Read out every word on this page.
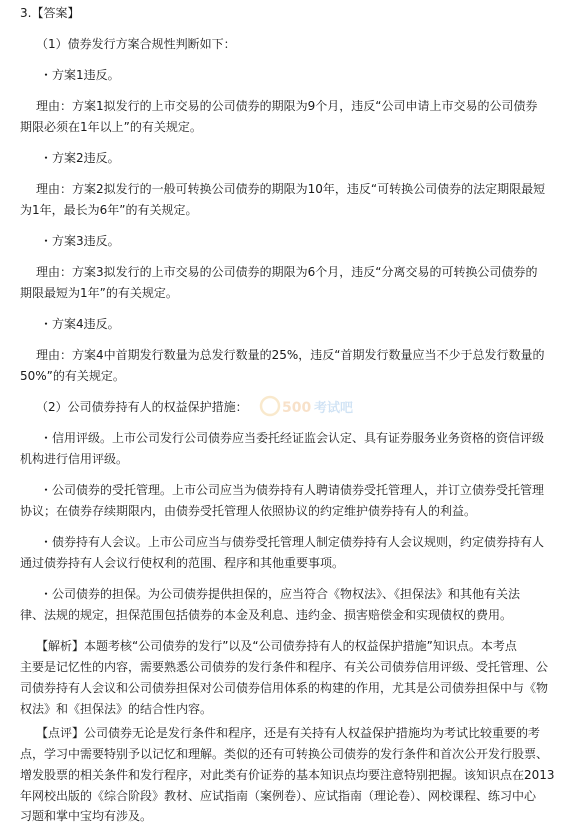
3.【答案】
（1）债券发行方案合规性判断如下：
・方案1违反。
理由：方案1拟发行的上市交易的公司债券的期限为9个月，违反“公司申请上市交易的公司债券
期限必须在1年以上”的有关规定。
・方案2违反。
理由：方案2拟发行的一般可转换公司债券的期限为10年，违反“可转换公司债券的法定期限最短
为1年，最长为6年”的有关规定。
・方案3违反。
理由：方案3拟发行的上市交易的公司债券的期限为6个月，违反“分离交易的可转换公司债券的
期限最短为1年”的有关规定。
・方案4违反。
理由：方案4中首期发行数量为总发行数量的25%，违反“首期发行数量应当不少于总发行数量的
50%”的有关规定。
（2）公司债券持有人的权益保护措施：
・信用评级。上市公司发行公司债券应当委托经证监会认定、具有证券服务业务资格的资信评级
机构进行信用评级。
・公司债券的受托管理。上市公司应当为债券持有人聘请债券受托管理人，并订立债券受托管理
协议；在债券存续期限内，由债券受托管理人依照协议的约定维护债券持有人的利益。
・债券持有人会议。上市公司应当与债券受托管理人制定债券持有人会议规则，约定债券持有人
通过债券持有人会议行使权利的范围、程序和其他重要事项。
・公司债券的担保。为公司债券提供担保的，应当符合《物权法》、《担保法》和其他有关法
律、法规的规定，担保范围包括债券的本金及利息、违约金、损害赔偿金和实现债权的费用。
【解析】本题考核“公司债券的发行”以及“公司债券持有人的权益保护措施”知识点。本考点
主要是记忆性的内容，需要熟悉公司债券的发行条件和程序、有关公司债券信用评级、受托管理、公
司债券持有人会议和公司债券担保对公司债券信用体系的构建的作用，尤其是公司债券担保中与《物
权法》和《担保法》的结合性内容。
【点评】公司债券无论是发行条件和程序，还是有关持有人权益保护措施均为考试比较重要的考
点，学习中需要特别予以记忆和理解。类似的还有可转换公司债券的发行条件和首次公开发行股票、
增发股票的相关条件和发行程序，对此类有价证券的基本知识点均要注意特别把握。该知识点在2013
年网校出版的《综合阶段》教材、应试指南（案例卷）、应试指南（理论卷）、网校课程、练习中心
习题和掌中宝均有涉及。
500 考试吧
